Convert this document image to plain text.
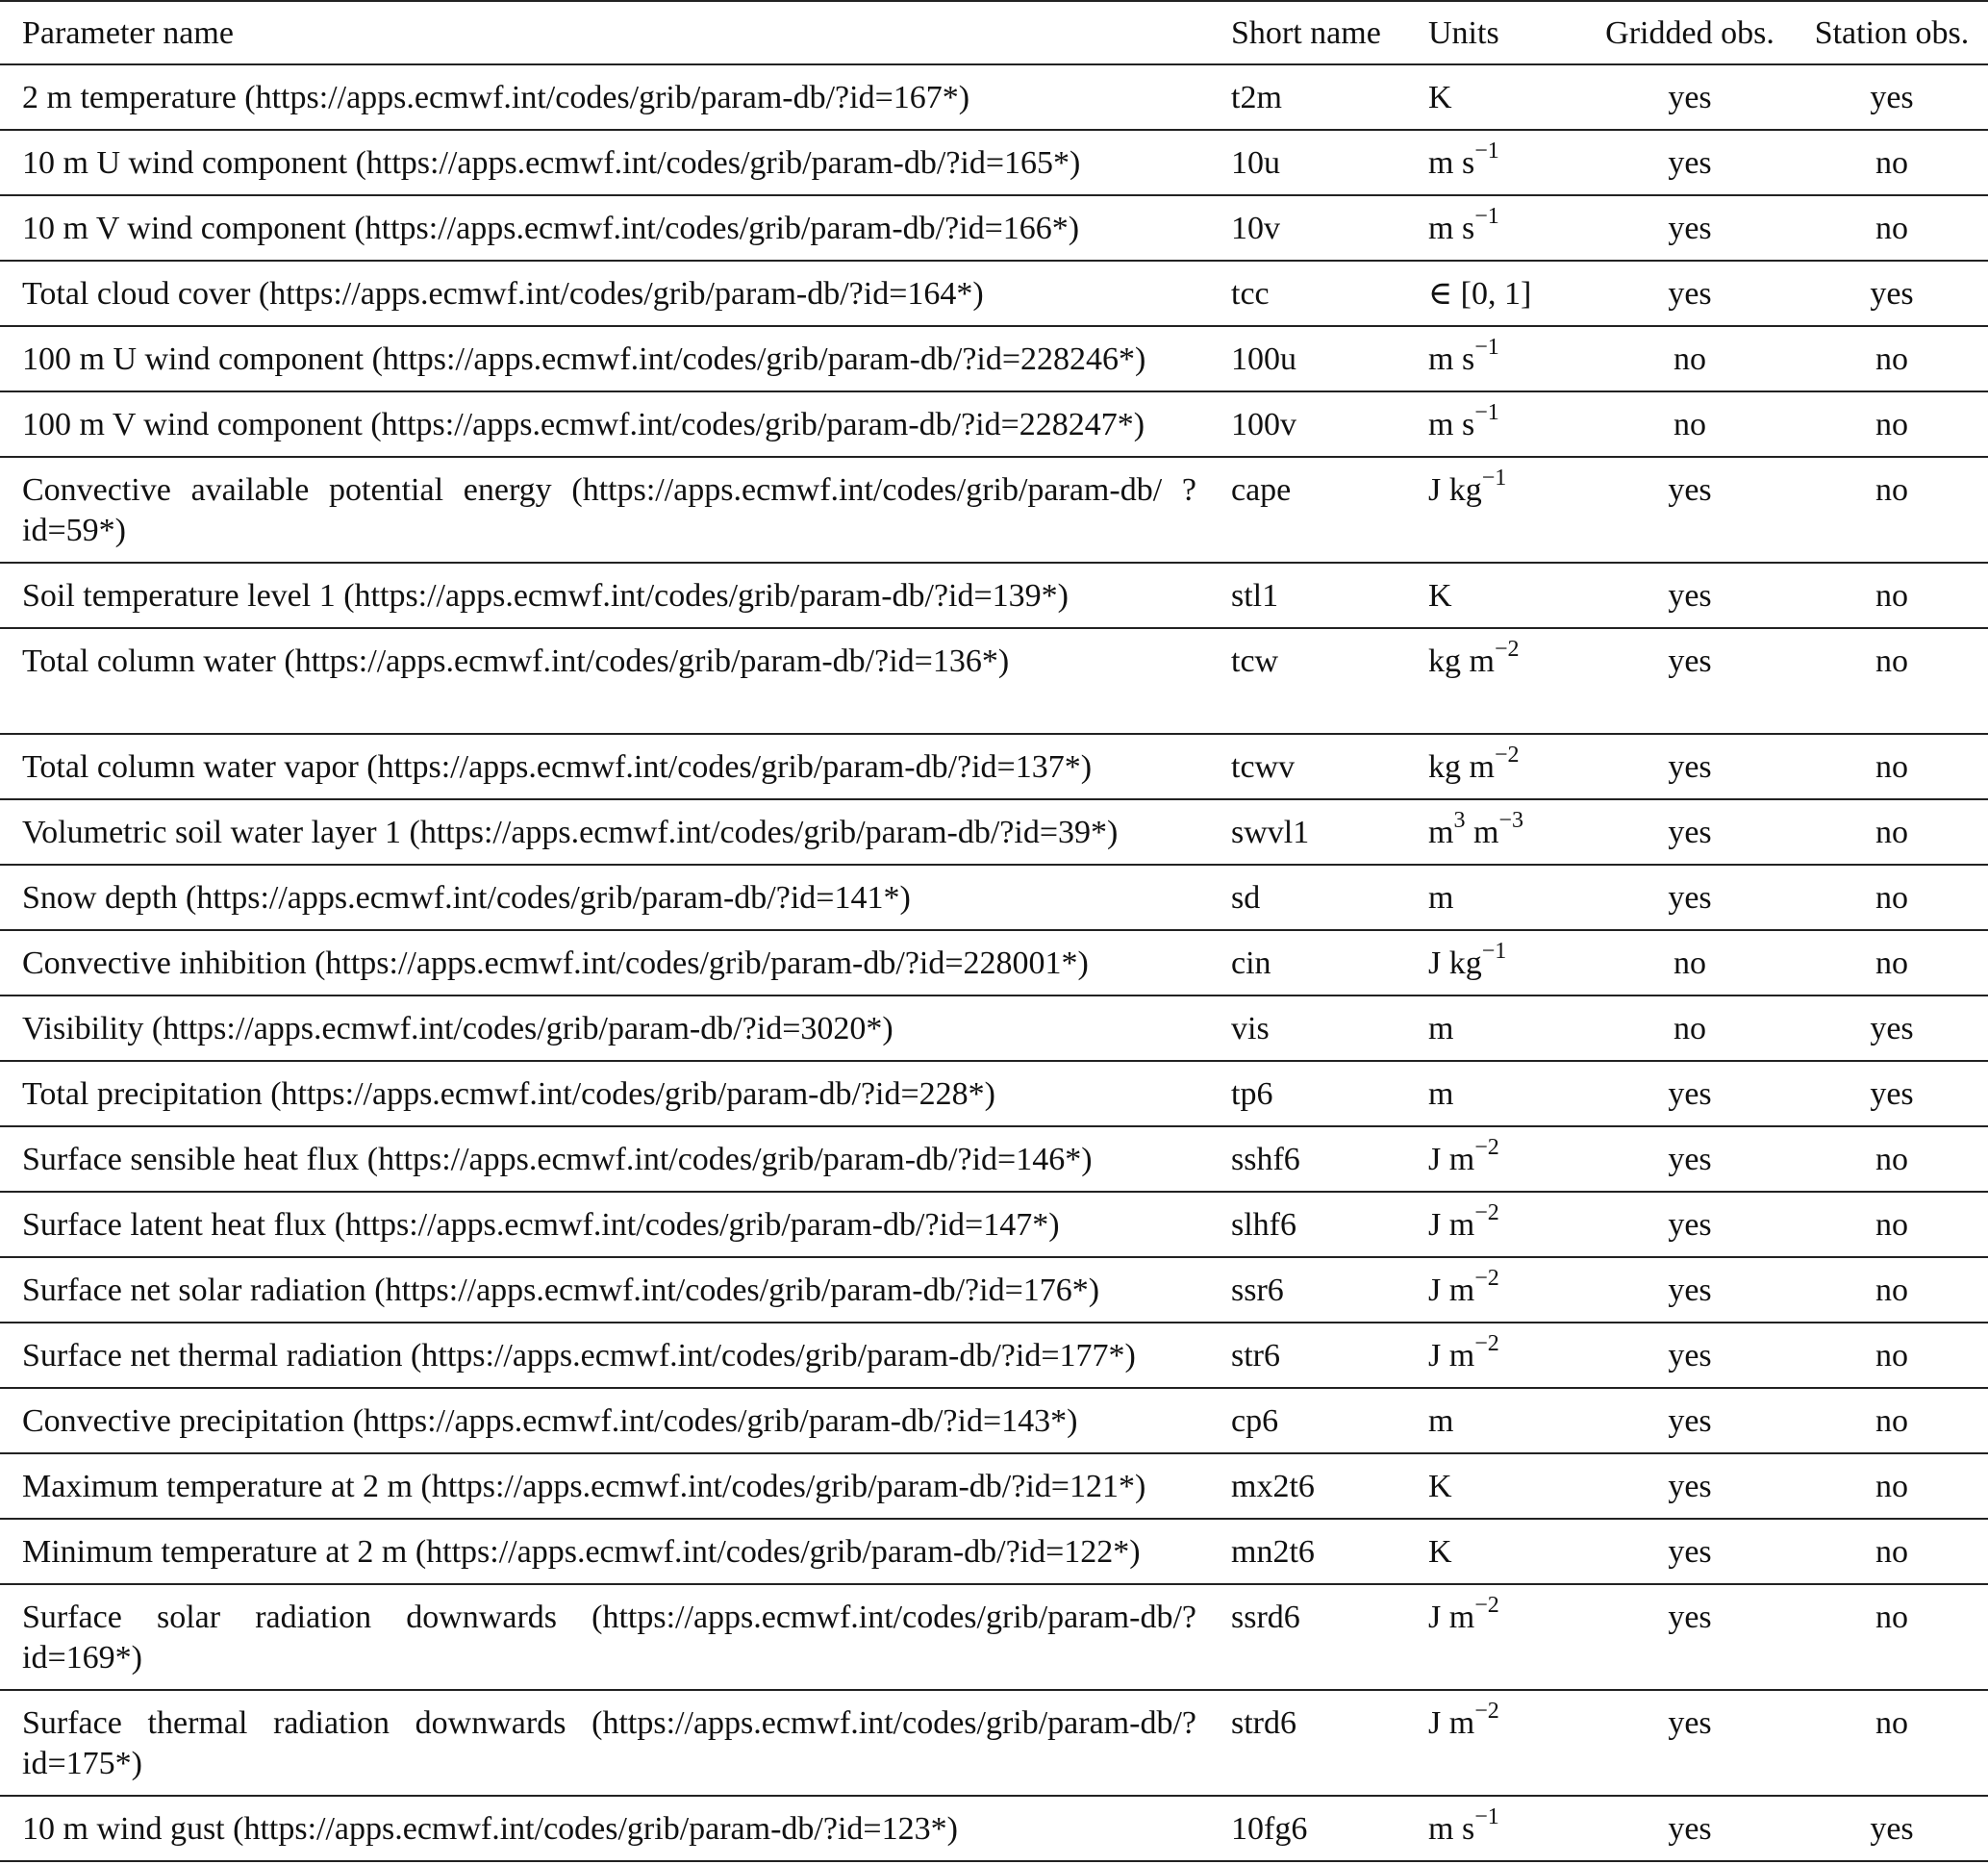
Parameter name	Short name	Units	Gridded obs.	Station obs.
2 m temperature (https://apps.ecmwf.int/codes/grib/param-db/?id=167*)	t2m	K	yes	yes
10 m U wind component (https://apps.ecmwf.int/codes/grib/param-db/?id=165*)	10u	m $s^{-1}$	yes	no
10 m V wind component (https://apps.ecmwf.int/codes/grib/param-db/?id=166*)	10v	m $s^{-1}$	yes	no
Total cloud cover (https://apps.ecmwf.int/codes/grib/param-db/?id=164*)	tcc	∈ [0, 1]	yes	yes
100 m U wind component (https://apps.ecmwf.int/codes/grib/param-db/?id=228246*)	100u	m $s^{-1}$	no	no
100 m V wind component (https://apps.ecmwf.int/codes/grib/param-db/?id=228247*)	100v	m $s^{-1}$	no	no
Convective available potential energy (https://apps.ecmwf.int/codes/grib/param-db/ ?id=59*)	cape	J $kg^{-1}$	yes	no
Soil temperature level 1 (https://apps.ecmwf.int/codes/grib/param-db/?id=139*)	stl1	K	yes	no
Total column water (https://apps.ecmwf.int/codes/grib/param-db/?id=136*)	tcw	kg $m^{-2}$	yes	no
Total column water vapor (https://apps.ecmwf.int/codes/grib/param-db/?id=137*)	tcwv	kg $m^{-2}$	yes	no
Volumetric soil water layer 1 (https://apps.ecmwf.int/codes/grib/param-db/?id=39*)	swvl1	$m^3$ $m^{-3}$	yes	no
Snow depth (https://apps.ecmwf.int/codes/grib/param-db/?id=141*)	sd	m	yes	no
Convective inhibition (https://apps.ecmwf.int/codes/grib/param-db/?id=228001*)	cin	J $kg^{-1}$	no	no
Visibility (https://apps.ecmwf.int/codes/grib/param-db/?id=3020*)	vis	m	no	yes
Total precipitation (https://apps.ecmwf.int/codes/grib/param-db/?id=228*)	tp6	m	yes	yes
Surface sensible heat flux (https://apps.ecmwf.int/codes/grib/param-db/?id=146*)	sshf6	J $m^{-2}$	yes	no
Surface latent heat flux (https://apps.ecmwf.int/codes/grib/param-db/?id=147*)	slhf6	J $m^{-2}$	yes	no
Surface net solar radiation (https://apps.ecmwf.int/codes/grib/param-db/?id=176*)	ssr6	J $m^{-2}$	yes	no
Surface net thermal radiation (https://apps.ecmwf.int/codes/grib/param-db/?id=177*)	str6	J $m^{-2}$	yes	no
Convective precipitation (https://apps.ecmwf.int/codes/grib/param-db/?id=143*)	cp6	m	yes	no
Maximum temperature at 2 m (https://apps.ecmwf.int/codes/grib/param-db/?id=121*)	mx2t6	K	yes	no
Minimum temperature at 2 m (https://apps.ecmwf.int/codes/grib/param-db/?id=122*)	mn2t6	K	yes	no
Surface solar radiation downwards (https://apps.ecmwf.int/codes/grib/param-db/?id=169*)	ssrd6	J $m^{-2}$	yes	no
Surface thermal radiation downwards (https://apps.ecmwf.int/codes/grib/param-db/?id=175*)	strd6	J $m^{-2}$	yes	no
10 m wind gust (https://apps.ecmwf.int/codes/grib/param-db/?id=123*)	10fg6	m $s^{-1}$	yes	yes
